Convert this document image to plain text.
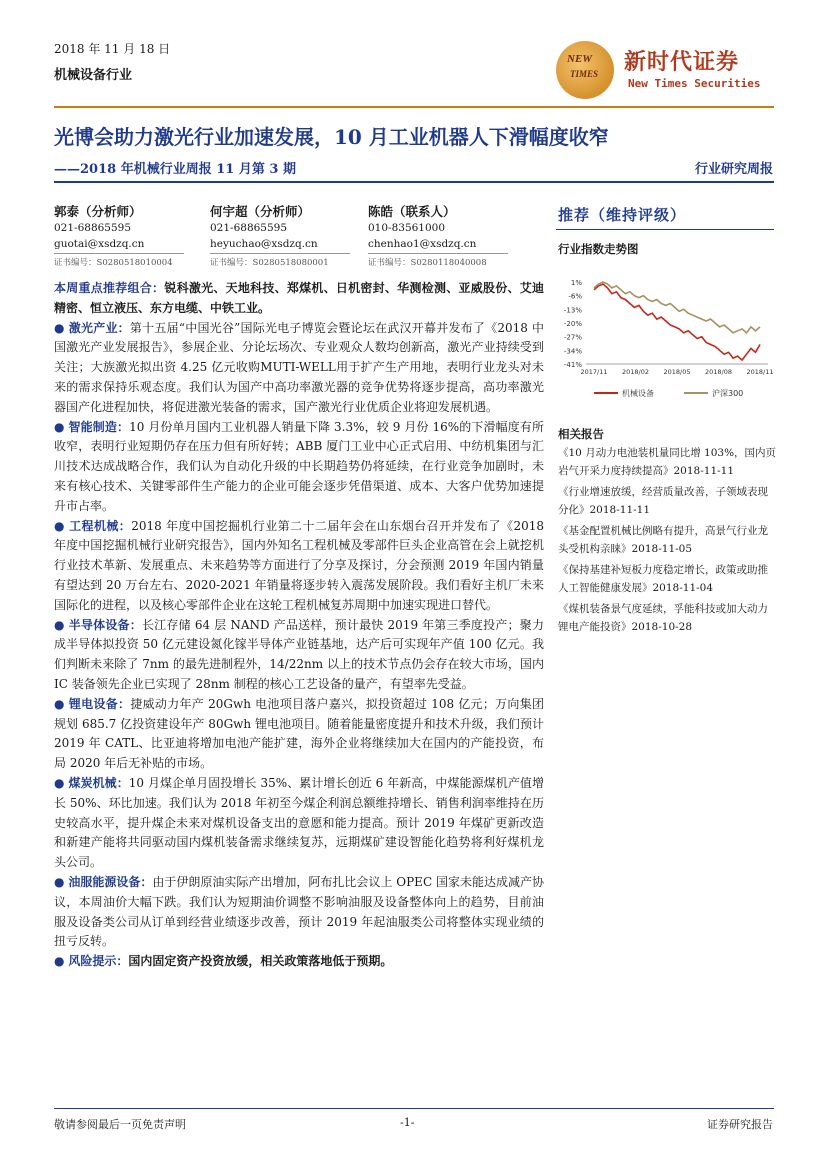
2018 年 11 月 18 日
机械设备行业
NEW
TIMES 新时代证券
New Times Securities
光博会助力激光行业加速发展，10 月工业机器人下滑幅度收窄
——2018 年机械行业周报 11 月第 3 期	行业研究周报
郭泰（分析师）
021-68865595
guotai@xsdzq.cn
证书编号：S0280518010004
何宇超（分析师）
021-68865595
heyuchao@xsdzq.cn
证书编号：S0280518080001
陈皓（联系人）
010-83561000
chenhao1@xsdzq.cn
证书编号：S0280118040008

本周重点推荐组合：锐科激光、天地科技、郑煤机、日机密封、华测检测、亚威股份、艾迪精密、恒立液压、东方电缆、中铁工业。

● 激光产业：第十五届“中国光谷”国际光电子博览会暨论坛在武汉开幕并发布了《2018 中国激光产业发展报告》，参展企业、分论坛场次、专业观众人数均创新高，激光产业持续受到关注；大族激光拟出资 4.25 亿元收购MUTI-WELL用于扩产生产用地，表明行业龙头对未来的需求保持乐观态度。我们认为国产中高功率激光器的竞争优势将逐步提高，高功率激光器国产化进程加快，将促进激光装备的需求，国产激光行业优质企业将迎发展机遇。

● 智能制造：10 月份单月国内工业机器人销量下降 3.3%，较 9 月份 16%的下滑幅度有所收窄，表明行业短期仍存在压力但有所好转；ABB 厦门工业中心正式启用、中纺机集团与汇川技术达成战略合作，我们认为自动化升级的中长期趋势仍将延续，在行业竞争加剧时，未来有核心技术、关键零部件生产能力的企业可能会逐步凭借渠道、成本、大客户优势加速提升市占率。

● 工程机械：2018 年度中国挖掘机行业第二十二届年会在山东烟台召开并发布了《2018 年度中国挖掘机械行业研究报告》，国内外知名工程机械及零部件巨头企业高管在会上就挖机行业技术革新、发展重点、未来趋势等方面进行了分享及探讨，分会预测 2019 年国内销量有望达到 20 万台左右、2020-2021 年销量将逐步转入震荡发展阶段。我们看好主机厂未来国际化的进程，以及核心零部件企业在这轮工程机械复苏周期中加速实现进口替代。

● 半导体设备：长江存储 64 层 NAND 产品送样，预计最快 2019 年第三季度投产；聚力成半导体拟投资 50 亿元建设氮化镓半导体产业链基地，达产后可实现年产值 100 亿元。我们判断未来除了 7nm 的最先进制程外，14/22nm 以上的技术节点仍会存在较大市场，国内 IC 装备领先企业已实现了 28nm 制程的核心工艺设备的量产，有望率先受益。

● 锂电设备：捷威动力年产 20Gwh 电池项目落户嘉兴，拟投资超过 108 亿元；万向集团规划 685.7 亿投资建设年产 80Gwh 锂电池项目。随着能量密度提升和技术升级，我们预计 2019 年 CATL、比亚迪将增加电池产能扩建，海外企业将继续加大在国内的产能投资，布局 2020 年后无补贴的市场。

● 煤炭机械：10 月煤企单月固投增长 35%、累计增长创近 6 年新高，中煤能源煤机产值增长 50%、环比加速。我们认为 2018 年初至今煤企利润总额维持增长、销售利润率维持在历史较高水平，提升煤企未来对煤机设备支出的意愿和能力提高。预计 2019 年煤矿更新改造和新建产能将共同驱动国内煤机装备需求继续复苏，远期煤矿建设智能化趋势将利好煤机龙头公司。

● 油服能源设备：由于伊朗原油实际产出增加，阿布扎比会议上 OPEC 国家未能达成减产协议，本周油价大幅下跌。我们认为短期油价调整不影响油服及设备整体向上的趋势，目前油服及设备类公司从订单到经营业绩逐步改善，预计 2019 年起油服类公司将整体实现业绩的扭亏反转。

● 风险提示：国内固定资产投资放缓，相关政策落地低于预期。

推荐（维持评级）
行业指数走势图
1%
-6%
-13%
-20%
-27%
-34%
-41%
2017/11 2018/02 2018/05 2018/08 2018/11
机械设备	沪深300
相关报告
《10 月动力电池装机量同比增 103%，国内页岩气开采力度持续提高》2018-11-11
《行业增速放缓，经营质量改善，子领域表现分化》2018-11-11
《基金配置机械比例略有提升，高景气行业龙头受机构亲睐》2018-11-05
《保持基建补短板力度稳定增长，政策或助推人工智能健康发展》2018-11-04
《煤机装备景气度延续，孚能科技或加大动力锂电产能投资》2018-10-28
敬请参阅最后一页免责声明	-1-	证券研究报告
